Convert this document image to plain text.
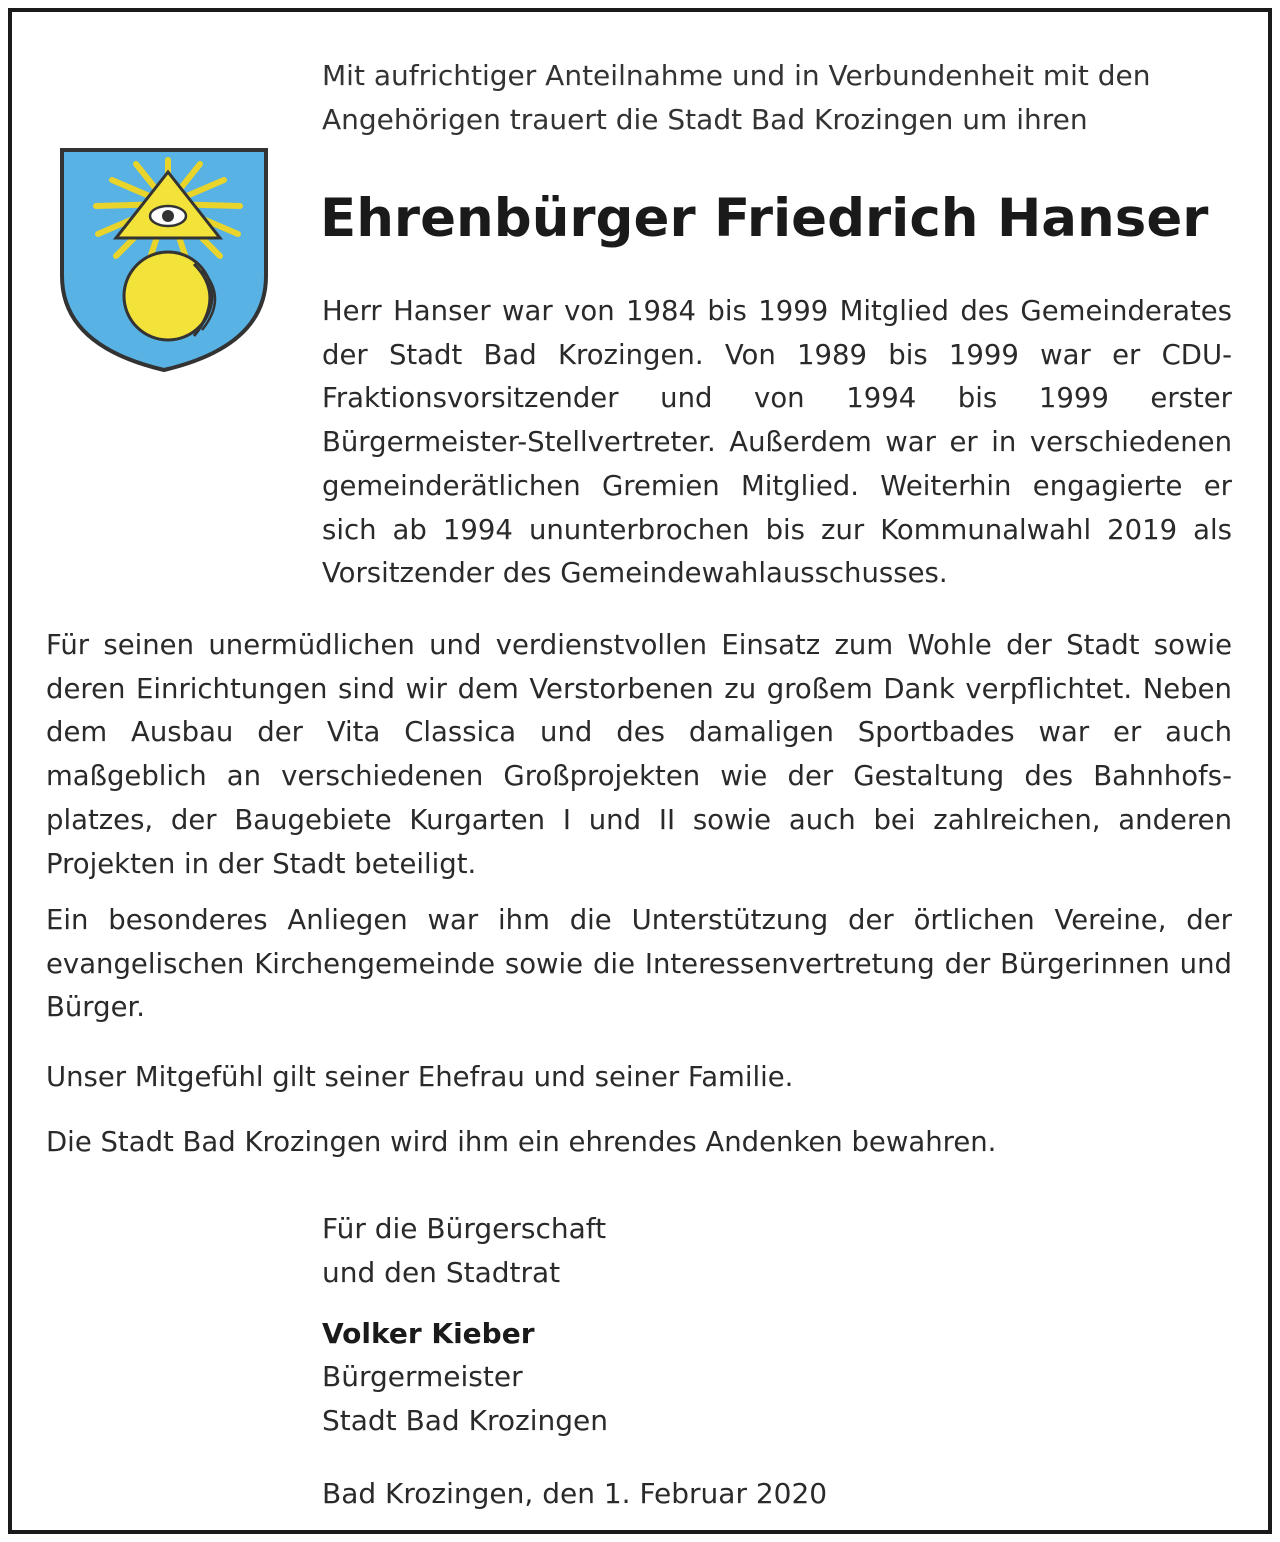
Mit aufrichtiger Anteilnahme und in Verbundenheit mit den
Angehörigen trauert die Stadt Bad Krozingen um ihren
Ehrenbürger Friedrich Hanser

Herr Hanser war von 1984 bis 1999 Mitglied des Gemeinderates der Stadt Bad Krozingen. Von 1989 bis 1999 war er CDU-Fraktionsvorsitzender und von 1994 bis 1999 erster Bürgermeister-Stellvertreter. Außerdem war er in verschiedenen gemeinderätlichen Gremien Mitglied. Weiterhin engagierte er sich ab 1994 ununterbrochen bis zur Kommunalwahl 2019 als Vorsitzender des Gemeindewahlausschusses.

Für seinen unermüdlichen und verdienstvollen Einsatz zum Wohle der Stadt sowie deren Einrichtungen sind wir dem Verstorbenen zu großem Dank verpflichtet. Neben dem Ausbau der Vita Classica und des damaligen Sportbades war er auch maßgeblich an verschiedenen Großprojekten wie der Gestaltung des Bahnhofsplatzes, der Baugebiete Kurgarten I und II sowie auch bei zahlreichen, anderen Projekten in der Stadt beteiligt.

Ein besonderes Anliegen war ihm die Unterstützung der örtlichen Vereine, der evangelischen Kirchengemeinde sowie die Interessenvertretung der Bürgerinnen und Bürger.

Unser Mitgefühl gilt seiner Ehefrau und seiner Familie.

Die Stadt Bad Krozingen wird ihm ein ehrendes Andenken bewahren.

Für die Bürgerschaft
und den Stadtrat
Volker Kieber
Bürgermeister
Stadt Bad Krozingen
Bad Krozingen, den 1. Februar 2020
